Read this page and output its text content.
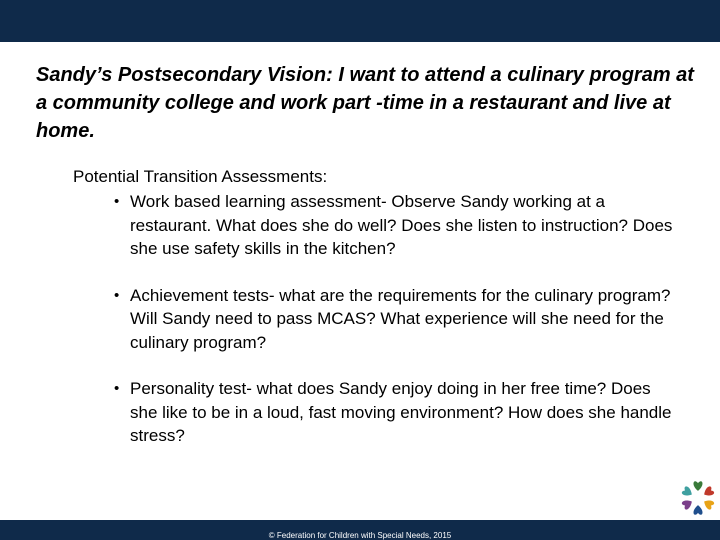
Sandy’s Postsecondary Vision: I want to attend a culinary program at a community college and work part -time in a restaurant and live at home.
Potential Transition Assessments:
• Work based learning assessment- Observe Sandy working at a restaurant. What does she do well? Does she listen to instruction? Does she use safety skills in the kitchen?
• Achievement tests- what are the requirements for the culinary program? Will Sandy need to pass MCAS? What experience will she need for the culinary program?
• Personality test- what does Sandy enjoy doing in her free time? Does she like to be in a loud, fast moving environment? How does she handle stress?
© Federation for Children with Special Needs, 2015
